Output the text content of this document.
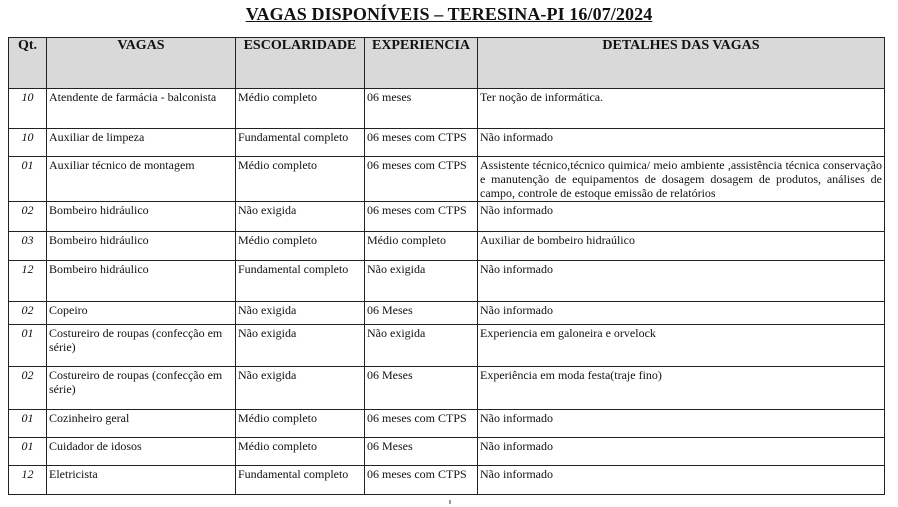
VAGAS DISPONÍVEIS – TERESINA-PI 16/07/2024
Qt.	VAGAS	ESCOLARIDADE	EXPERIENCIA	DETALHES DAS VAGAS
10	Atendente de farmácia - balconista	Médio completo	06 meses	Ter noção de informática.
10	Auxiliar de limpeza	Fundamental completo	06 meses com CTPS	Não informado
01	Auxiliar técnico de montagem	Médio completo	06 meses com CTPS	Assistente técnico,técnico quimica/ meio ambiente ,assistência técnica conservação e manutenção de equipamentos de dosagem dosagem de produtos, análises de campo, controle de estoque emissão de relatórios
02	Bombeiro hidráulico	Não exigida	06 meses com CTPS	Não informado
03	Bombeiro hidráulico	Médio completo	Médio completo	Auxiliar de bombeiro hidraúlico
12	Bombeiro hidráulico	Fundamental completo	Não exigida	Não informado
02	Copeiro	Não exigida	06 Meses	Não informado
01	Costureiro de roupas (confecção em série)	Não exigida	Não exigida	Experiencia em galoneira e orvelock
02	Costureiro de roupas (confecção em série)	Não exigida	06 Meses	Experiência em moda festa(traje fino)
01	Cozinheiro geral	Médio completo	06 meses com CTPS	Não informado
01	Cuidador de idosos	Médio completo	06 Meses	Não informado
12	Eletricista	Fundamental completo	06 meses com CTPS	Não informado
